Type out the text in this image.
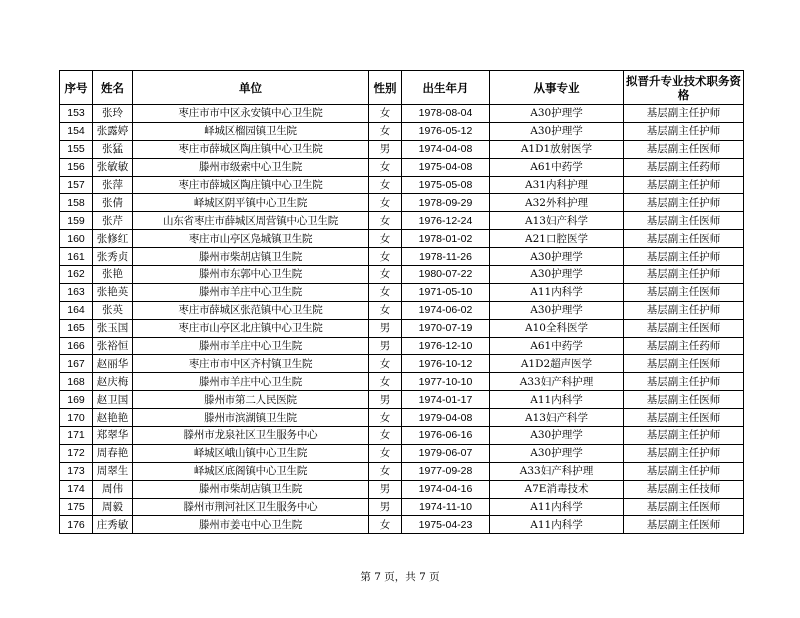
序号	姓名	单位	性别	出生年月	从事专业	拟晋升专业技术职务资格
153	张玲	枣庄市市中区永安镇中心卫生院	女	1978-08-04	A30护理学	基层副主任护师
154	张露婷	峄城区榴园镇卫生院	女	1976-05-12	A30护理学	基层副主任护师
155	张猛	枣庄市薛城区陶庄镇中心卫生院	男	1974-04-08	A1D1放射医学	基层副主任医师
156	张敏敏	滕州市级索中心卫生院	女	1975-04-08	A61中药学	基层副主任药师
157	张萍	枣庄市薛城区陶庄镇中心卫生院	女	1975-05-08	A31内科护理	基层副主任护师
158	张倩	峄城区阴平镇中心卫生院	女	1978-09-29	A32外科护理	基层副主任护师
159	张芹	山东省枣庄市薛城区周营镇中心卫生院	女	1976-12-24	A13妇产科学	基层副主任医师
160	张修红	枣庄市山亭区凫城镇卫生院	女	1978-01-02	A21口腔医学	基层副主任医师
161	张秀贞	滕州市柴胡店镇卫生院	女	1978-11-26	A30护理学	基层副主任护师
162	张艳	滕州市东郭中心卫生院	女	1980-07-22	A30护理学	基层副主任护师
163	张艳英	滕州市羊庄中心卫生院	女	1971-05-10	A11内科学	基层副主任医师
164	张英	枣庄市薛城区张范镇中心卫生院	女	1974-06-02	A30护理学	基层副主任护师
165	张玉国	枣庄市山亭区北庄镇中心卫生院	男	1970-07-19	A10全科医学	基层副主任医师
166	张裕恒	滕州市羊庄中心卫生院	男	1976-12-10	A61中药学	基层副主任药师
167	赵丽华	枣庄市市中区齐村镇卫生院	女	1976-10-12	A1D2超声医学	基层副主任医师
168	赵庆梅	滕州市羊庄中心卫生院	女	1977-10-10	A33妇产科护理	基层副主任护师
169	赵卫国	滕州市第二人民医院	男	1974-01-17	A11内科学	基层副主任医师
170	赵艳艳	滕州市滨湖镇卫生院	女	1979-04-08	A13妇产科学	基层副主任医师
171	郑翠华	滕州市龙泉社区卫生服务中心	女	1976-06-16	A30护理学	基层副主任护师
172	周春艳	峄城区峨山镇中心卫生院	女	1979-06-07	A30护理学	基层副主任护师
173	周翠生	峄城区底阁镇中心卫生院	女	1977-09-28	A33妇产科护理	基层副主任护师
174	周伟	滕州市柴胡店镇卫生院	男	1974-04-16	A7E消毒技术	基层副主任技师
175	周毅	滕州市荆河社区卫生服务中心	男	1974-11-10	A11内科学	基层副主任医师
176	庄秀敏	滕州市姜屯中心卫生院	女	1975-04-23	A11内科学	基层副主任医师
第 7 页，共 7 页
